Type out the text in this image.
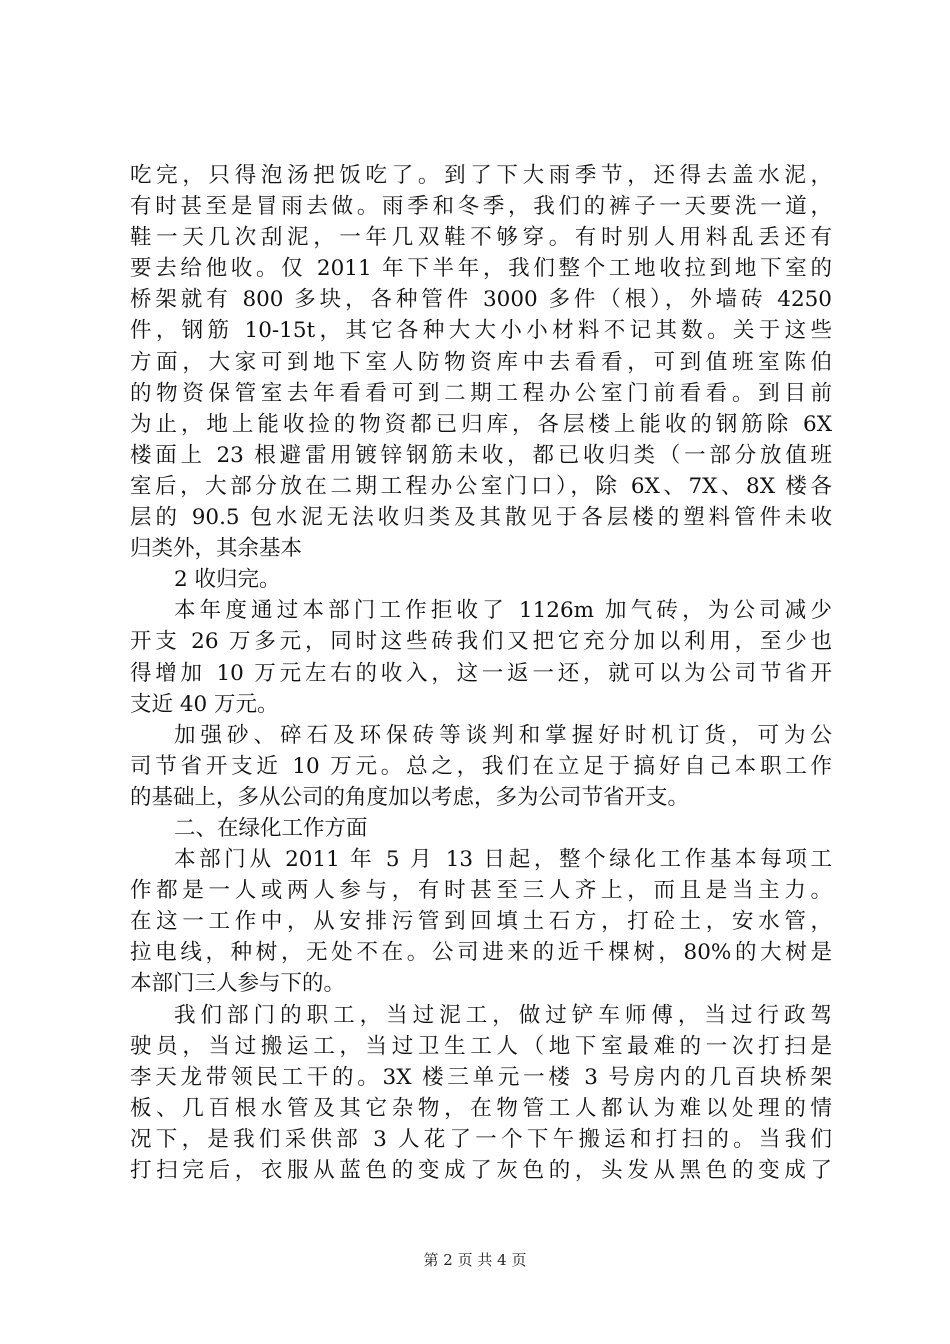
吃完，只得泡汤把饭吃了。到了下大雨季节，还得去盖水泥，
有时甚至是冒雨去做。雨季和冬季，我们的裤子一天要洗一道，
鞋一天几次刮泥，一年几双鞋不够穿。有时别人用料乱丢还有
要去给他收。仅 2011 年下半年，我们整个工地收拉到地下室的
桥架就有 800 多块，各种管件 3000 多件（根），外墙砖 4250
件，钢筋 10-15t，其它各种大大小小材料不记其数。关于这些
方面，大家可到地下室人防物资库中去看看，可到值班室陈伯
的物资保管室去年看看可到二期工程办公室门前看看。到目前
为止，地上能收捡的物资都已归库，各层楼上能收的钢筋除 6X
楼面上 23 根避雷用镀锌钢筋未收，都已收归类（一部分放值班
室后，大部分放在二期工程办公室门口），除 6X、7X、8X 楼各
层的 90.5 包水泥无法收归类及其散见于各层楼的塑料管件未收
归类外，其余基本
2 收归完。
本年度通过本部门工作拒收了 1126m 加气砖，为公司减少
开支 26 万多元，同时这些砖我们又把它充分加以利用，至少也
得增加 10 万元左右的收入，这一返一还，就可以为公司节省开
支近 40 万元。
加强砂、碎石及环保砖等谈判和掌握好时机订货，可为公
司节省开支近 10 万元。总之，我们在立足于搞好自己本职工作
的基础上，多从公司的角度加以考虑，多为公司节省开支。
二、在绿化工作方面
本部门从 2011 年 5 月 13 日起，整个绿化工作基本每项工
作都是一人或两人参与，有时甚至三人齐上，而且是当主力。
在这一工作中，从安排污管到回填土石方，打砼土，安水管，
拉电线，种树，无处不在。公司进来的近千棵树，80%的大树是
本部门三人参与下的。
我们部门的职工，当过泥工，做过铲车师傅，当过行政驾
驶员，当过搬运工，当过卫生工人（地下室最难的一次打扫是
李天龙带领民工干的。3X 楼三单元一楼 3 号房内的几百块桥架
板、几百根水管及其它杂物，在物管工人都认为难以处理的情
况下，是我们采供部 3 人花了一个下午搬运和打扫的。当我们
打扫完后，衣服从蓝色的变成了灰色的，头发从黑色的变成了
第 2 页 共 4 页
